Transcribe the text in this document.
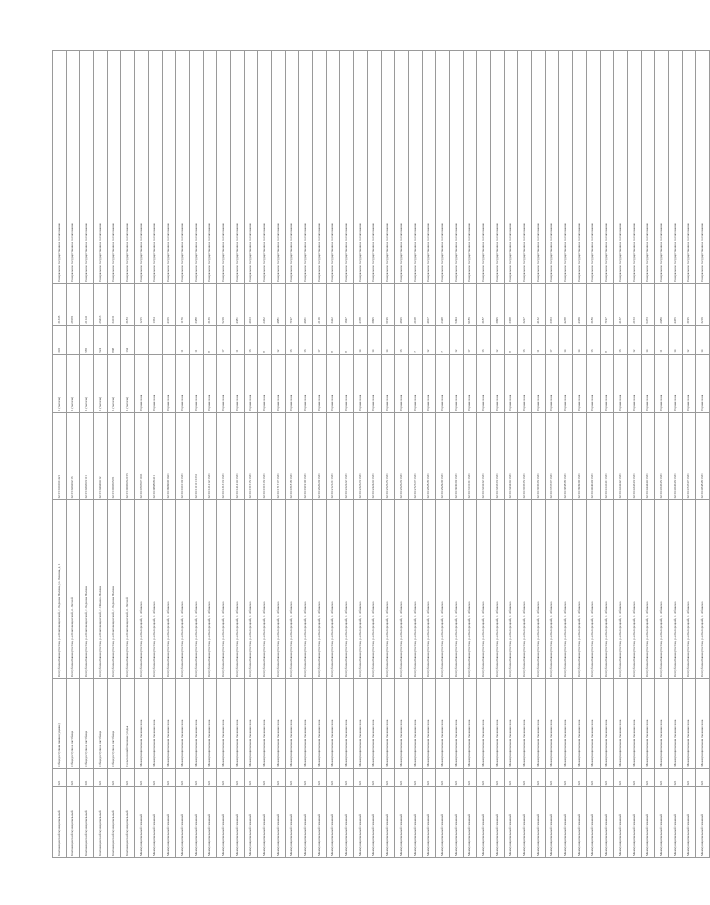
Благовещенский муниципальный	021	Общедоступная пашня (здание)	Республика Башкортостан, р-н Благовещенский, с. Бедеева Поляна, ул. Ленина, д. 1	02:15:010101:421	1 (тысяча)	345	31335	Генеральное государственное согласование
Благовещенский муниципальный	021	Общедоступное пастбище	Республика Башкортостан, р-н Благовещенский, п. Лесной	02:15:020202:16	1 (тысяча)		28181	Генеральное государственное согласование
Благовещенский муниципальный	031	Общедоступное пастбище	Республика Башкортостан, р-н Благовещенский, с. Бедеева Поляна	02:15:030303:111	1 (тысяча)	585	21141	Генеральное государственное согласование
Благовещенский муниципальный	021	Общедоступное пастбище	Республика Башкортостан, р-н Благовещенский, с. Ильино-Поляна	02:15:040404:12	1 (тысяча)	524	26413	Генеральное государственное согласование
Благовещенский муниципальный	021	Общедоступное пастбище	Республика Башкортостан, р-н Благовещенский, с. Бедеева Поляна	02:15:050505:81	1 (тысяча)	808	34131	Генеральное государственное согласование
Благовещенский муниципальный	021	Сельскохозяйственные угодья	Республика Башкортостан, р-н Благовещенский, п. Лесной	02:15:060606:2155	1 (тысяча)	134	3183	Генеральное государственное согласование
Межмуниципальный смежный	021	Межмуниципальная смежная зона	Республика Башкортостан, р-н Белорецкий, с. Абзаково	02:10:070707:1101	Горная зона		1215	Генеральное государственное согласование
Межмуниципальный смежный	021	Межмуниципальная смежная зона	Республика Башкортостан, р-н Белорецкий, с. Абзаково	02:10:080808:411	Горная зона		1354	Генеральное государственное согласование
Межмуниципальный смежный	021	Межмуниципальная смежная зона	Республика Башкортостан, р-н Белорецкий, с. Абзаково	02:10:090909:1021	Горная зона		4316	Генеральное государственное согласование
Межмуниципальный смежный	021	Межмуниципальная смежная зона	Республика Башкортостан, р-н Белорецкий, с. Абзаково	02:10:101010:1331	Горная зона	11	1170	Генеральное государственное согласование
Межмуниципальный смежный	021	Межмуниципальная смежная зона	Республика Башкортостан, р-н Белорецкий, с. Абзаково	02:10:111111:1331	Горная зона	11	3388	Генеральное государственное согласование
Межмуниципальный смежный	021	Межмуниципальная смежная зона	Республика Башкортостан, р-н Белорецкий, с. Абзаково	02:10:121212:1331	Горная зона	8	3136	Генеральное государственное согласование
Межмуниципальный смежный	021	Межмуниципальная смежная зона	Республика Башкортостан, р-н Белорецкий, с. Абзаково	02:10:131313:1331	Горная зона	17	5219	Генеральное государственное согласование
Межмуниципальный смежный	021	Межмуниципальная смежная зона	Республика Башкортостан, р-н Белорецкий, с. Абзаково	02:10:141414:1331	Горная зона	11	4381	Генеральное государственное согласование
Межмуниципальный смежный	021	Межмуниципальная смежная зона	Республика Башкортостан, р-н Белорецкий, с. Абзаково	02:10:151515:1331	Горная зона	16	4913	Генеральное государственное согласование
Межмуниципальный смежный	021	Межмуниципальная смежная зона	Республика Башкортостан, р-н Белорецкий, с. Абзаково	02:10:161616:1331	Горная зона	8	2452	Генеральное государственное согласование
Межмуниципальный смежный	021	Межмуниципальная смежная зона	Республика Башкортостан, р-н Белорецкий, с. Абзаково	02:10:171717:1331	Горная зона	12	4881	Генеральное государственное согласование
Межмуниципальный смежный	021	Межмуниципальная смежная зона	Республика Башкортостан, р-н Белорецкий, с. Абзаково	02:10:181818:1331	Горная зона	16	7197	Генеральное государственное согласование
Межмуниципальный смежный	021	Межмуниципальная смежная зона	Республика Башкортостан, р-н Белорецкий, с. Абзаково	02:10:191919:1331	Горная зона	16	4931	Генеральное государственное согласование
Межмуниципальный смежный	021	Межмуниципальная смежная зона	Республика Башкортостан, р-н Белорецкий, с. Абзаково	02:10:202020:1331	Горная зона	17	2119	Генеральное государственное согласование
Межмуниципальный смежный	021	Межмуниципальная смежная зона	Республика Башкортостан, р-н Белорецкий, с. Абзаково	02:10:212121:1331	Горная зона	8	3422	Генеральное государственное согласование
Межмуниципальный смежный	021	Межмуниципальная смежная зона	Республика Башкортостан, р-н Белорецкий, с. Абзаково	02:10:222222:1331	Горная зона	8	1847	Генеральное государственное согласование
Межмуниципальный смежный	021	Межмуниципальная смежная зона	Республика Башкортостан, р-н Белорецкий, с. Абзаково	02:10:232323:1331	Горная зона	14	4378	Генеральное государственное согласование
Межмуниципальный смежный	021	Межмуниципальная смежная зона	Республика Башкортостан, р-н Белорецкий, с. Абзаково	02:10:242424:1331	Горная зона	14	3995	Генеральное государственное согласование
Межмуниципальный смежный	021	Межмуниципальная смежная зона	Республика Башкортостан, р-н Белорецкий, с. Абзаково	02:10:252525:1331	Горная зона	14	6196	Генеральное государственное согласование
Межмуниципальный смежный	021	Межмуниципальная смежная зона	Республика Башкортостан, р-н Белорецкий, с. Абзаково	02:10:262626:1331	Горная зона	16	4826	Генеральное государственное согласование
Межмуниципальный смежный	021	Межмуниципальная смежная зона	Республика Башкортостан, р-н Белорецкий, с. Абзаково	02:10:272727:1331	Горная зона	7	2108	Генеральное государственное согласование
Межмуниципальный смежный	021	Межмуниципальная смежная зона	Республика Башкортостан, р-н Белорецкий, с. Абзаково	02:10:282828:1331	Горная зона	12	4917	Генеральное государственное согласование
Межмуниципальный смежный	021	Межмуниципальная смежная зона	Республика Башкортостан, р-н Белорецкий, с. Абзаково	02:10:292929:1331	Горная зона	7	2348	Генеральное государственное согласование
Межмуниципальный смежный	021	Межмуниципальная смежная зона	Республика Башкортостан, р-н Белорецкий, с. Абзаково	02:10:303030:1331	Горная зона	12	5494	Генеральное государственное согласование
Межмуниципальный смежный	021	Межмуниципальная смежная зона	Республика Башкортостан, р-н Белорецкий, с. Абзаково	02:10:313131:1331	Горная зона	17	9186	Генеральное государственное согласование
Межмуниципальный смежный	021	Межмуниципальная смежная зона	Республика Башкортостан, р-н Белорецкий, с. Абзаково	02:10:323232:1331	Горная зона	16	3187	Генеральное государственное согласование
Межмуниципальный смежный	021	Межмуниципальная смежная зона	Республика Башкортостан, р-н Белорецкий, с. Абзаково	02:10:333333:1331	Горная зона	12	3995	Генеральное государственное согласование
Межмуниципальный смежный	021	Межмуниципальная смежная зона	Республика Башкортостан, р-н Белорецкий, с. Абзаково	02:10:343434:1331	Горная зона	8	3368	Генеральное государственное согласование
Межмуниципальный смежный	021	Межмуниципальная смежная зона	Республика Башкортостан, р-н Белорецкий, с. Абзаково	02:10:353535:1331	Горная зона	16	3227	Генеральное государственное согласование
Межмуниципальный смежный	021	Межмуниципальная смежная зона	Республика Башкортостан, р-н Белорецкий, с. Абзаково	02:10:363636:1331	Горная зона	11	4132	Генеральное государственное согласование
Межмуниципальный смежный	021	Межмуниципальная смежная зона	Республика Башкортостан, р-н Белорецкий, с. Абзаково	02:10:373737:1331	Горная зона	17	3353	Генеральное государственное согласование
Межмуниципальный смежный	021	Межмуниципальная смежная зона	Республика Башкортостан, р-н Белорецкий, с. Абзаково	02:10:383838:1331	Горная зона	14	4238	Генеральное государственное согласование
Межмуниципальный смежный	021	Межмуниципальная смежная зона	Республика Башкортостан, р-н Белорецкий, с. Абзаково	02:10:393939:1331	Горная зона	14	4339	Генеральное государственное согласование
Межмуниципальный смежный	021	Межмуниципальная смежная зона	Республика Башкортостан, р-н Белорецкий, с. Абзаково	02:10:404040:1331	Горная зона	16	3180	Генеральное государственное согласование
Межмуниципальный смежный	021	Межмуниципальная смежная зона	Республика Башкортостан, р-н Белорецкий, с. Абзаково	02:10:414141:1331	Горная зона	8	7197	Генеральное государственное согласование
Межмуниципальный смежный	021	Межмуниципальная смежная зона	Республика Башкортостан, р-н Белорецкий, с. Абзаково	02:10:424242:1331	Горная зона	16	4137	Генеральное государственное согласование
Межмуниципальный смежный	021	Межмуниципальная смежная зона	Республика Башкортостан, р-н Белорецкий, с. Абзаково	02:10:434343:1331	Горная зона	12	2163	Генеральное государственное согласование
Межмуниципальный смежный	021	Межмуниципальная смежная зона	Республика Башкортостан, р-н Белорецкий, с. Абзаково	02:10:444444:1331	Горная зона	14	6473	Генеральное государственное согласование
Межмуниципальный смежный	021	Межмуниципальная смежная зона	Республика Башкортостан, р-н Белорецкий, с. Абзаково	02:10:454545:1331	Горная зона	11	2080	Генеральное государственное согласование
Межмуниципальный смежный	021	Межмуниципальная смежная зона	Республика Башкортостан, р-н Белорецкий, с. Абзаково	02:10:464646:1331	Горная зона	14	4455	Генеральное государственное согласование
Межмуниципальный смежный	021	Межмуниципальная смежная зона	Республика Башкортостан, р-н Белорецкий, с. Абзаково	02:10:474747:1331	Горная зона	12	3195	Генеральное государственное согласование
Межмуниципальный смежный	021	Межмуниципальная смежная зона	Республика Башкортостан, р-н Белорецкий, с. Абзаково	02:10:484848:1331	Горная зона	14	3219	Генеральное государственное согласование
